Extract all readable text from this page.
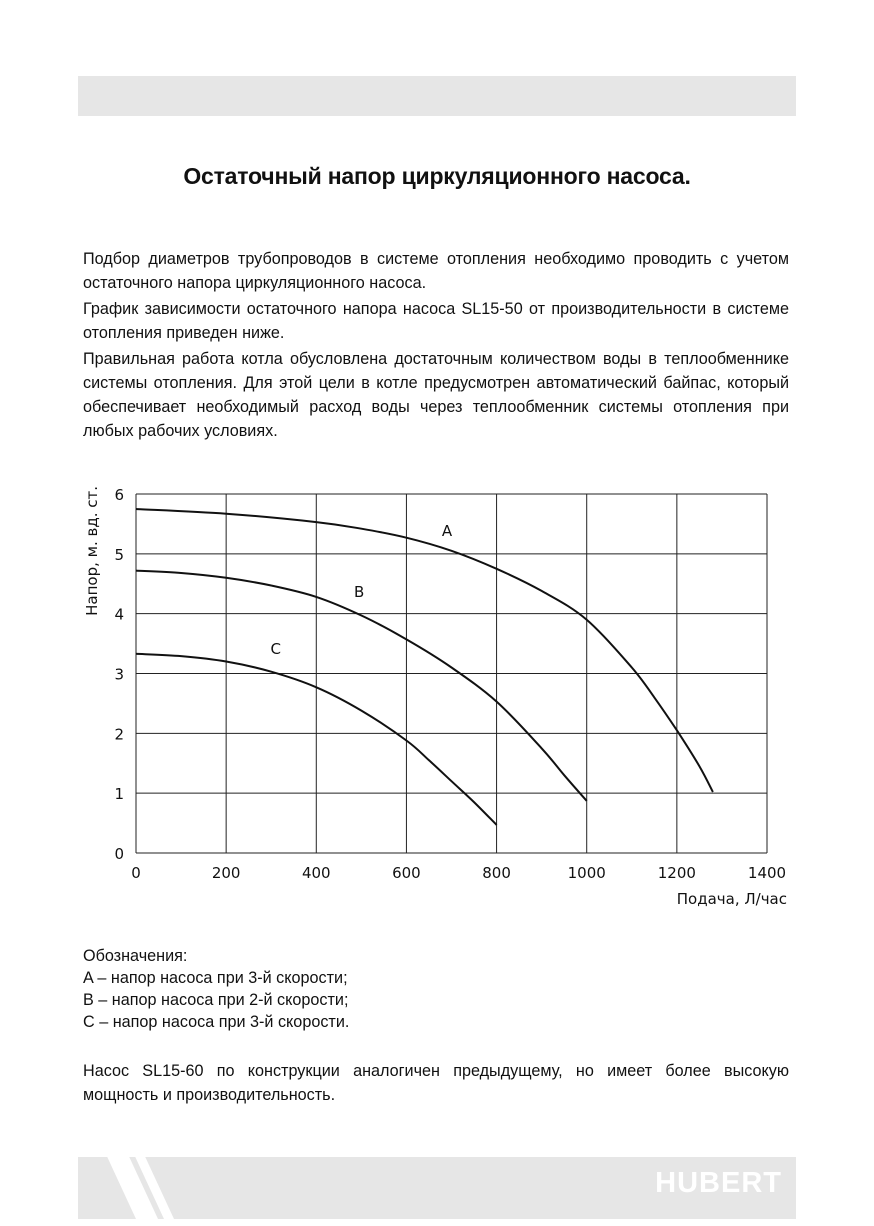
Остаточный напор циркуляционного насоса.

Подбор диаметров трубопроводов в системе отопления необходимо проводить с учетом остаточного напора циркуляционного насоса.

График зависимости остаточного напора насоса SL15-50 от производительности в системе отопления приведен ниже.

Правильная работа котла обусловлена достаточным количеством воды в теплообменнике системы отопления. Для этой цели в котле предусмотрен автоматический байпас, который обеспечивает необходимый расход воды через теплообменник системы отопления при любых рабочих условиях.

0	200	400	600	800	1000	1200	1400
0
1
2
3
4
5
6
Подача, Л/час
Напор, м. вд. ст.	A
B
C
Обозначения:
A – напор насоса при 3-й скорости;
B – напор насоса при 2-й скорости;
C – напор насоса при 3-й скорости.

Насос SL15-60 по конструкции аналогичен предыдущему, но имеет более высокую мощность и производительность.

HUBERT
